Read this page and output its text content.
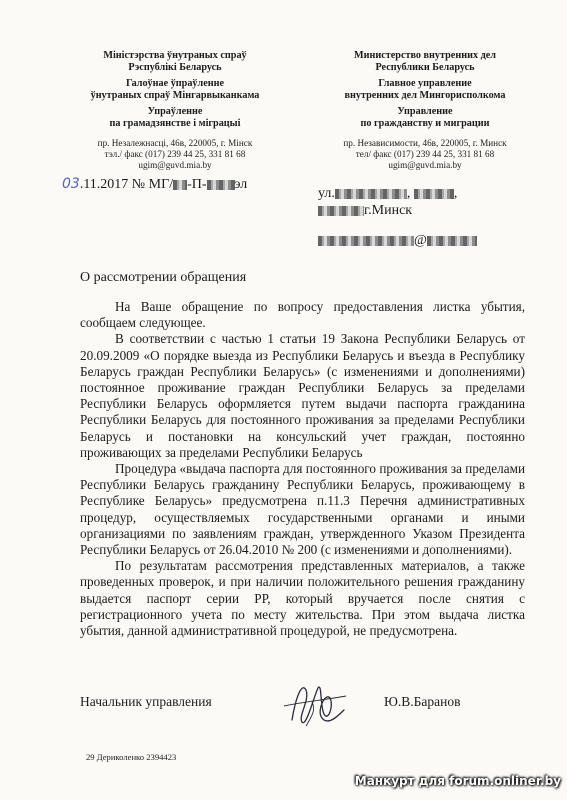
Міністэрства ўнутраных спраў
Рэспублікі Беларусь
Галоўнае ўпраўленне
ўнутраных спраў Мінгарвыканкама
Упраўленне
па грамадзянстве і міграцыі
пр. Незалежнасці, 46в, 220005, г. Мінск
тэл./ факс (017) 239 44 25, 331 81 68
ugim@guvd.mia.by
Министерство внутренних дел
Республики Беларусь
Главное управление
внутренних дел Мингорисполкома
Управление
по гражданству и миграции
пр. Независимости, 46в, 220005, г. Минск
тел/ факс (017) 239 44 25, 331 81 68
ugim@guvd.mia.by
03.11.2017 № МГ/ -П- эл
ул.	,	,
г.Минск
@
О рассмотрении обращения

На Ваше обращение по вопросу предоставления листка убытия, сообщаем следующее.

В соответствии с частью 1 статьи 19 Закона Республики Беларусь от 20.09.2009 «О порядке выезда из Республики Беларусь и въезда в Республику Беларусь граждан Республики Беларусь» (с изменениями и дополнениями) постоянное проживание граждан Республики Беларусь за пределами Республики Беларусь оформляется путем выдачи паспорта гражданина Республики Беларусь для постоянного проживания за пределами Республики Беларусь и постановки на консульский учет граждан, постоянно проживающих за пределами Республики Беларусь

Процедура «выдача паспорта для постоянного проживания за пределами Республики Беларусь гражданину Республики Беларусь, проживающему в Республике Беларусь» предусмотрена п.11.3 Перечня административных процедур, осуществляемых государственными органами и иными организациями по заявлениям граждан, утвержденного Указом Президента Республики Беларусь от 26.04.2010 № 200 (с изменениями и дополнениями).

По результатам рассмотрения представленных материалов, а также проведенных проверок, и при наличии положительного решения гражданину выдается паспорт серии РР, который вручается после снятия с регистрационного учета по месту жительства. При этом выдача листка убытия, данной административной процедурой, не предусмотрена.

Начальник управления	Ю.В.Баранов
29 Дериколенко 2394423
Манкурт для forum.onliner.by
